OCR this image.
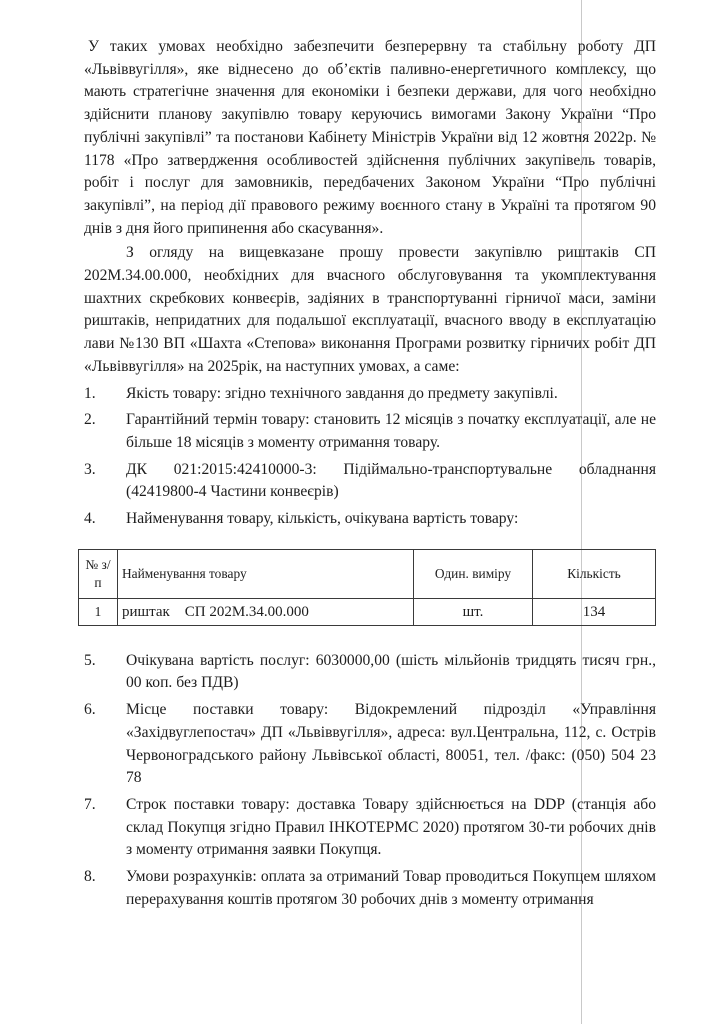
У таких умовах необхідно забезпечити безперервну та стабільну роботу ДП «Львіввугілля», яке віднесено до об’єктів паливно-енергетичного комплексу, що мають стратегічне значення для економіки і безпеки держави, для чого необхідно здійснити планову закупівлю товару керуючись вимогами Закону України “Про публічні закупівлі” та постанови Кабінету Міністрів України від 12 жовтня 2022р. № 1178 «Про затвердження особливостей здійснення публічних закупівель товарів, робіт і послуг для замовників, передбачених Законом України “Про публічні закупівлі”, на період дії правового режиму воєнного стану в Україні та протягом 90 днів з дня його припинення або скасування».

З огляду на вищевказане прошу провести закупівлю риштаків СП 202М.34.00.000, необхідних для вчасного обслуговування та укомплектування шахтних скребкових конвеєрів, задіяних в транспортуванні гірничої маси, заміни риштаків, непридатних для подальшої експлуатації, вчасного вводу в експлуатацію лави №130 ВП «Шахта «Степова» виконання Програми розвитку гірничих робіт ДП «Львіввугілля» на 2025рік, на наступних умовах, а саме:

1.	Якість товару: згідно технічного завдання до предмету закупівлі.
2.	Гарантійний термін товару: становить 12 місяців з початку експлуатації, але не більше 18 місяців з моменту отримання товару.
3.	ДК 021:2015:42410000-3: Підіймально-транспортувальне обладнання (42419800-4 Частини конвеєрів)
4.	Найменування товару, кількість, очікувана вартість товару:
№ з/п	Найменування товару	Один. виміру	Кількість
1	риштак    СП 202М.34.00.000	шт.	134
5.	Очікувана вартість послуг: 6030000,00 (шість мільйонів тридцять тисяч грн., 00 коп. без ПДВ)
6.	Місце поставки товару: Відокремлений підрозділ «Управління «Західвуглепостач» ДП «Львіввугілля», адреса: вул.Центральна, 112, с. Острів Червоноградського району Львівської області, 80051, тел. /факс: (050) 504 23 78
7.	Строк поставки товару: доставка Товару здійснюється на DDP (станція або склад Покупця згідно Правил ІНКОТЕРМС 2020) протягом 30-ти робочих днів з моменту отримання заявки Покупця.
8.	Умови розрахунків: оплата за отриманий Товар проводиться Покупцем шляхом перерахування коштів протягом 30 робочих днів з моменту отримання
